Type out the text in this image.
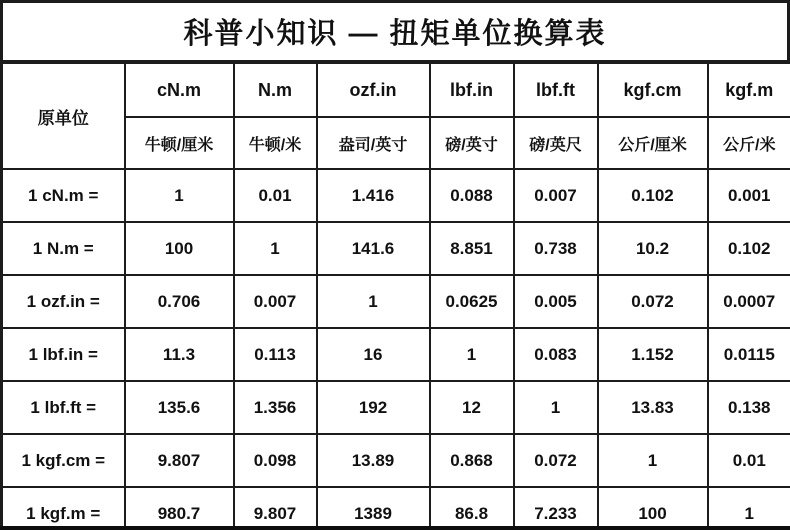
科普小知识 — 扭矩单位换算表
原单位	cN.m	N.m	ozf.in	lbf.in	lbf.ft	kgf.cm	kgf.m
	牛顿/厘米	牛顿/米	盎司/英寸	磅/英寸	磅/英尺	公斤/厘米	公斤/米
1 cN.m =	1	0.01	1.416	0.088	0.007	0.102	0.001
1 N.m =	100	1	141.6	8.851	0.738	10.2	0.102
1 ozf.in =	0.706	0.007	1	0.0625	0.005	0.072	0.0007
1 lbf.in =	11.3	0.113	16	1	0.083	1.152	0.0115
1 lbf.ft =	135.6	1.356	192	12	1	13.83	0.138
1 kgf.cm =	9.807	0.098	13.89	0.868	0.072	1	0.01
1 kgf.m =	980.7	9.807	1389	86.8	7.233	100	1
